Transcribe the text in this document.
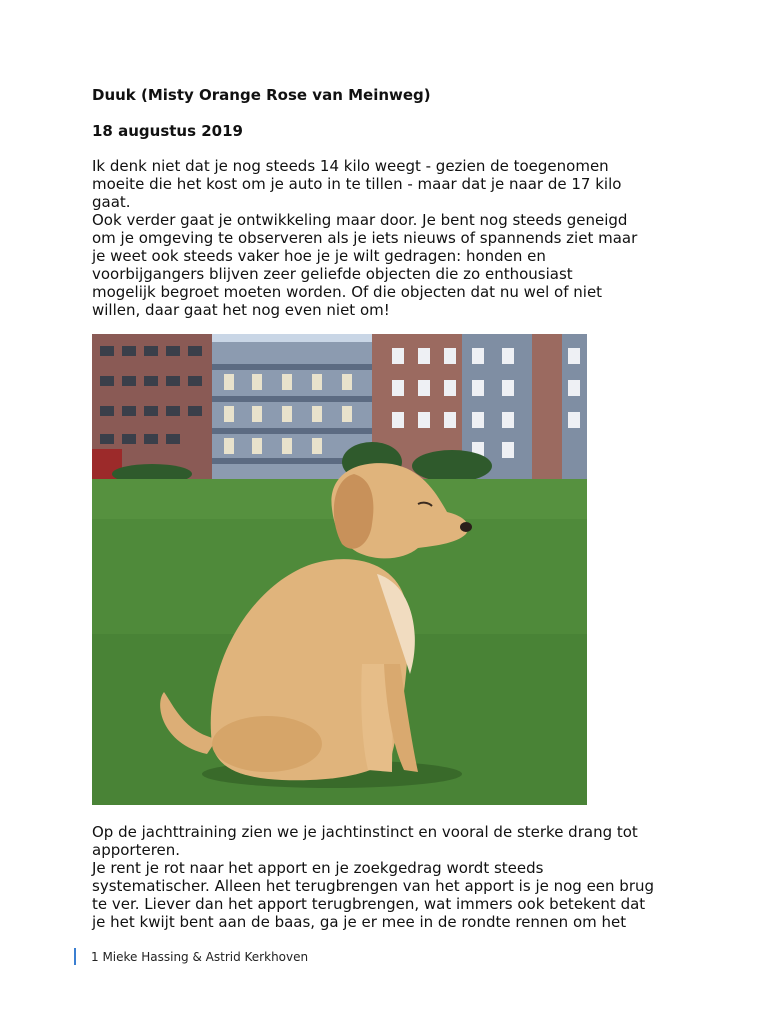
Duuk (Misty Orange Rose van Meinweg)
18 augustus 2019
Ik denk niet dat je nog steeds 14 kilo weegt - gezien de toegenomen
moeite die het kost om je auto in te tillen - maar dat je naar de 17 kilo
gaat.
Ook verder gaat je ontwikkeling maar door. Je bent nog steeds geneigd
om je omgeving te observeren als je iets nieuws of spannends ziet maar
je weet ook steeds vaker hoe je je wilt gedragen: honden en
voorbijgangers blijven zeer geliefde objecten die zo enthousiast
mogelijk begroet moeten worden. Of die objecten dat nu wel of niet
willen, daar gaat het nog even niet om!
Op de jachttraining zien we je jachtinstinct en vooral de sterke drang tot
apporteren.
Je rent je rot naar het apport en je zoekgedrag wordt steeds
systematischer. Alleen het terugbrengen van het apport is je nog een brug
te ver. Liever dan het apport terugbrengen, wat immers ook betekent dat
je het kwijt bent aan de baas, ga je er mee in de rondte rennen om het
1 Mieke Hassing & Astrid Kerkhoven
